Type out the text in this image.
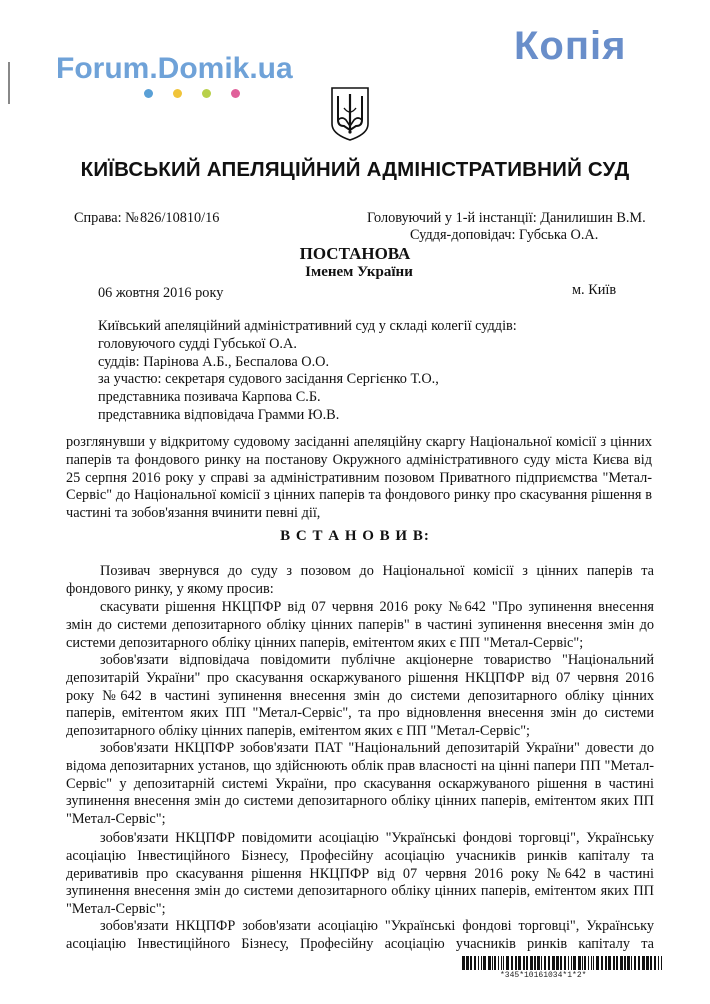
Forum.Domik.ua
Копія
КИЇВСЬКИЙ АПЕЛЯЦІЙНИЙ АДМІНІСТРАТИВНИЙ СУД
Справа: № 826/10810/16	Головуючий у 1-й інстанції: Данилишин В.М.
Суддя-доповідач: Губська О.А.
ПОСТАНОВА
Іменем України
06 жовтня 2016 року	м. Київ
Київський апеляційний адміністративний суд у складі колегії суддів:
головуючого судді Губської О.А.
суддів: Парінова А.Б., Беспалова О.О.
за участю: секретаря судового засідання Сергієнко Т.О.,
представника позивача Карпова С.Б.
представника відповідача Грамми Ю.В.
розглянувши у відкритому судовому засіданні апеляційну скаргу Національної комісії з цінних
паперів та фондового ринку на постанову Окружного адміністративного суду міста Києва від
25 серпня 2016 року у справі за адміністративним позовом Приватного підприємства "Метал-
Сервіс" до Національної комісії з цінних паперів та фондового ринку про скасування рішення в
частині та зобов'язання вчинити певні дії,
В С Т А Н О В И В:
Позивач звернувся до суду з позовом до Національної комісії з цінних паперів та
фондового ринку, у якому просив:
скасувати рішення НКЦПФР від 07 червня 2016 року №642 "Про зупинення внесення
змін до системи депозитарного обліку цінних паперів" в частині зупинення внесення змін до
системи депозитарного обліку цінних паперів, емітентом яких є ПП "Метал-Сервіс";
зобов'язати відповідача повідомити публічне акціонерне товариство "Національний
депозитарій України" про скасування оскаржуваного рішення НКЦПФР від 07 червня 2016
року №642 в частині зупинення внесення змін до системи депозитарного обліку цінних
паперів, емітентом яких ПП "Метал-Сервіс", та про відновлення внесення змін до системи
депозитарного обліку цінних паперів, емітентом яких є ПП "Метал-Сервіс";
зобов'язати НКЦПФР зобов'язати ПАТ "Національний депозитарій України" довести до
відома депозитарних установ, що здійснюють облік прав власності на цінні папери ПП "Метал-
Сервіс" у депозитарній системі України, про скасування оскаржуваного рішення в частині
зупинення внесення змін до системи депозитарного обліку цінних паперів, емітентом яких ПП
"Метал-Сервіс";
зобов'язати НКЦПФР повідомити асоціацію "Українські фондові торговці", Українську
асоціацію Інвестиційного Бізнесу, Професійну асоціацію учасників ринків капіталу та
деривативів про скасування рішення НКЦПФР від 07 червня 2016 року №642 в частині
зупинення внесення змін до системи депозитарного обліку цінних паперів, емітентом яких ПП
"Метал-Сервіс";
зобов'язати НКЦПФР зобов'язати асоціацію "Українські фондові торговці", Українську
асоціацію Інвестиційного Бізнесу, Професійну асоціацію учасників ринків капіталу та
*345*10161034*1*2*
